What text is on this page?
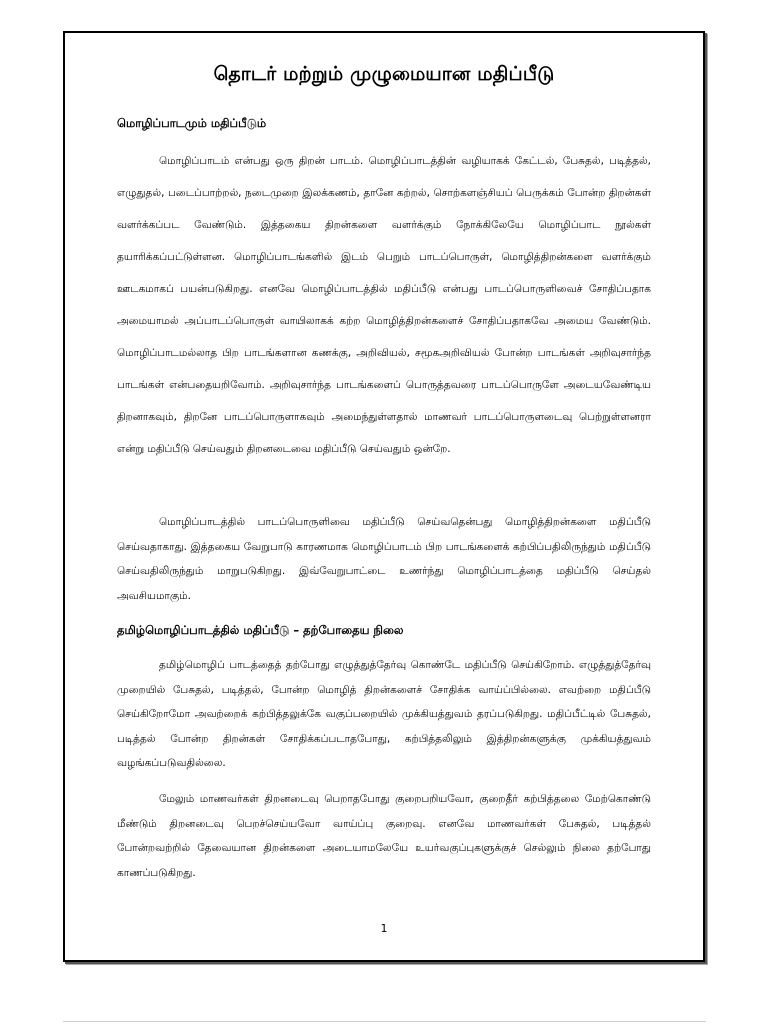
தொடர் மற்றும் முழுமையான மதிப்பீடு
மொழிப்பாடமும் மதிப்பீடும்

மொழிப்பாடம் என்பது ஒரு திறன் பாடம். மொழிப்பாடத்தின் வழியாகக் கேட்டல், பேசுதல், படித்தல், எழுதுதல், படைப்பாற்றல், நடைமுறை இலக்கணம், தானே கற்றல், சொற்களஞ்சியப் பெருக்கம் போன்ற திறன்கள் வளர்க்கப்பட வேண்டும். இத்தகைய திறன்களை வளர்க்கும் நோக்கிலேயே மொழிப்பாட நூல்கள் தயாரிக்கப்பட்டுள்ளன. மொழிப்பாடங்களில் இடம் பெறும் பாடப்பொருள், மொழித்திறன்களை வளர்க்கும் ஊடகமாகப் பயன்படுகிறது. எனவே மொழிப்பாடத்தில் மதிப்பீடு என்பது பாடப்பொருளிவைச் சோதிப்பதாக அமையாமல் அப்பாடப்பொருள் வாயிலாகக் கற்ற மொழித்திறன்களைச் சோதிப்பதாகவே அமைய வேண்டும். மொழிப்பாடமல்லாத பிற பாடங்களான கணக்கு, அறிவியல், சமூகஅறிவியல் போன்ற பாடங்கள் அறிவுசார்ந்த பாடங்கள் என்பதையறிவோம். அறிவுசார்ந்த பாடங்களைப் பொருத்தவரை பாடப்பொருளே அடையவேண்டிய திறனாகவும், திறனே பாடப்பொருளாகவும் அமைந்துள்ளதால் மாணவர் பாடப்பொருளடைவு பெற்றுள்ளனரா என்று மதிப்பீடு செய்வதும் திறனடைவை மதிப்பீடு செய்வதும் ஒன்றே.

மொழிப்பாடத்தில் பாடப்பொருளிவை மதிப்பீடு செய்வதென்பது மொழித்திறன்களை மதிப்பீடு செய்வதாகாது. இத்தகைய வேறுபாடு காரணமாக மொழிப்பாடம் பிற பாடங்களைக் கற்பிப்பதிலிருந்தும் மதிப்பீடு செய்வதிலிருந்தும் மாறுபடுகிறது. இவ்வேறுபாட்டை உணர்ந்து மொழிப்பாடத்தை மதிப்பீடு செய்தல் அவசியமாகும்.

தமிழ்மொழிப்பாடத்தில் மதிப்பீடு – தற்போதைய நிலை

தமிழ்மொழிப் பாடத்தைத் தற்போது எழுத்துத்தேர்வு கொண்டே மதிப்பீடு செய்கிறோம். எழுத்துத்தேர்வு முறையில் பேசுதல், படித்தல், போன்ற மொழித் திறன்களைச் சோதிக்க வாய்ப்பில்லை. எவற்றை மதிப்பீடு செய்கிறோமோ அவற்றைக் கற்பித்தலுக்கே வகுப்பறையில் முக்கியத்துவம் தரப்படுகிறது. மதிப்பீட்டில் பேசுதல், படித்தல் போன்ற திறன்கள் சோதிக்கப்படாதபோது, கற்பித்தலிலும் இத்திறன்களுக்கு முக்கியத்துவம் வழங்கப்படுவதில்லை.

மேலும் மாணவர்கள் திறனடைவு பெறாதபோது குறைபறியவோ, குறைதீர் கற்பித்தலை மேற்கொண்டு மீண்டும் திறனடைவு பெறச்செய்யவோ வாய்ப்பு குறைவு. எனவே மாணவர்கள் பேசுதல், படித்தல் போன்றவற்றில் தேவையான திறன்களை அடையாமலேயே உயர்வகுப்புகளுக்குச் செல்லும் நிலை தற்போது காணப்படுகிறது.

1
